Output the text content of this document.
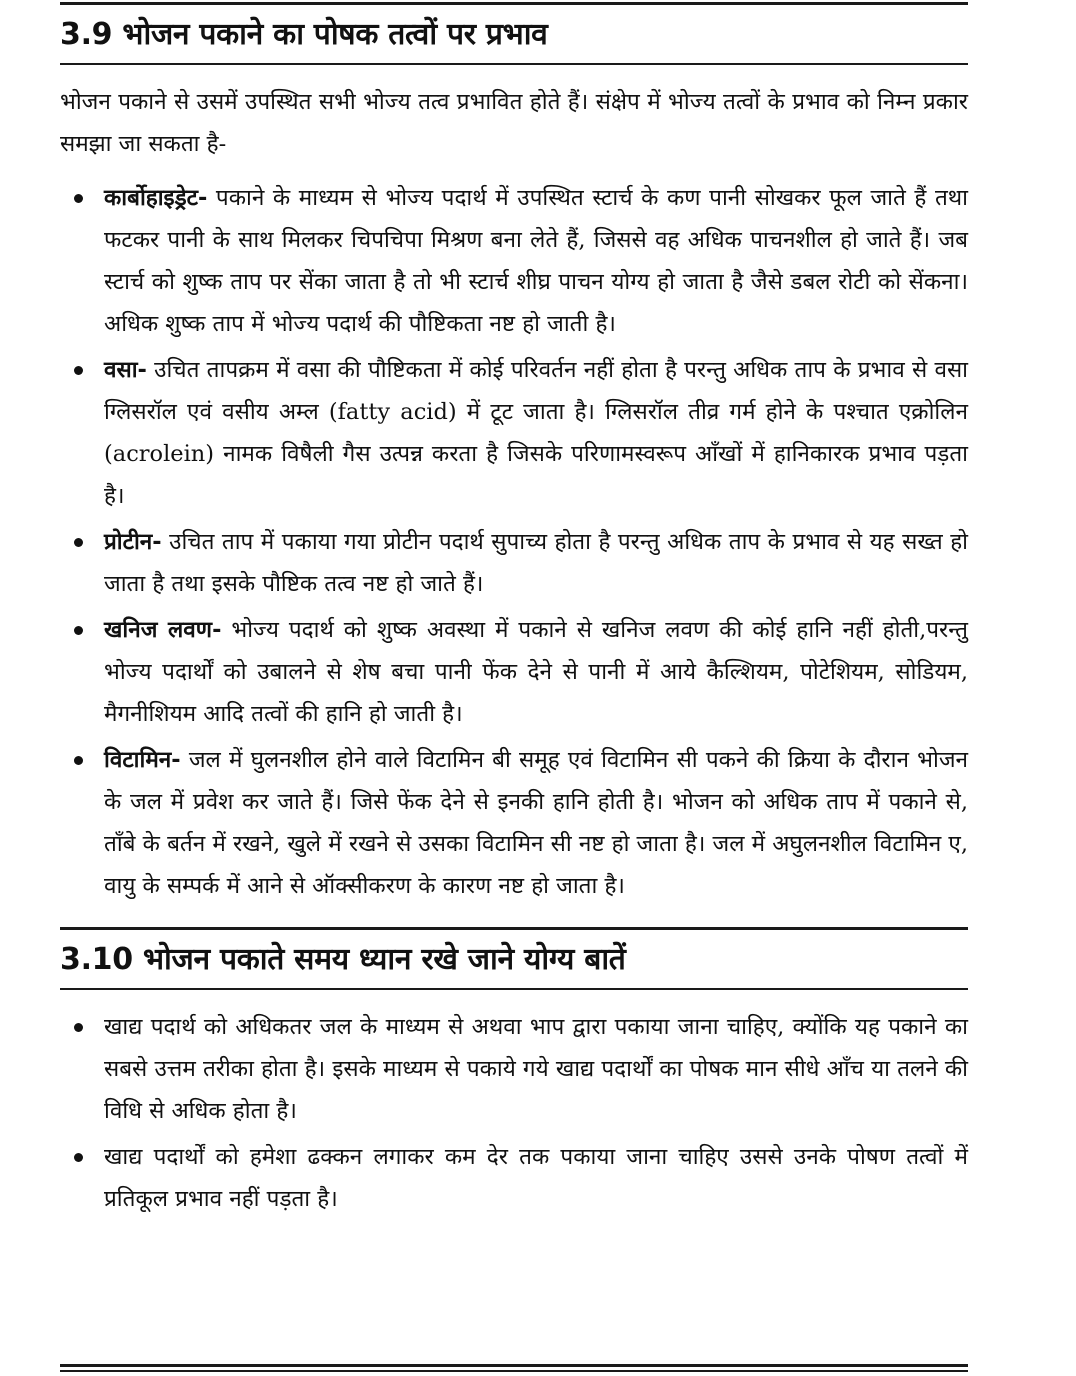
3.9 भोजन पकाने का पोषक तत्वों पर प्रभाव

भोजन पकाने से उसमें उपस्थित सभी भोज्य तत्व प्रभावित होते हैं। संक्षेप में भोज्य तत्वों के प्रभाव को निम्न प्रकार समझा जा सकता है-

कार्बोहाइड्रेट- पकाने के माध्यम से भोज्य पदार्थ में उपस्थित स्टार्च के कण पानी सोखकर फूल जाते हैं तथा फटकर पानी के साथ मिलकर चिपचिपा मिश्रण बना लेते हैं, जिससे वह अधिक पाचनशील हो जाते हैं। जब स्टार्च को शुष्क ताप पर सेंका जाता है तो भी स्टार्च शीघ्र पाचन योग्य हो जाता है जैसे डबल रोटी को सेंकना। अधिक शुष्क ताप में भोज्य पदार्थ की पौष्टिकता नष्ट हो जाती है।
वसा- उचित तापक्रम में वसा की पौष्टिकता में कोई परिवर्तन नहीं होता है परन्तु अधिक ताप के प्रभाव से वसा ग्लिसरॉल एवं वसीय अम्ल (fatty acid) में टूट जाता है। ग्लिसरॉल तीव्र गर्म होने के पश्चात एक्रोलिन (acrolein) नामक विषैली गैस उत्पन्न करता है जिसके परिणामस्वरूप आँखों में हानिकारक प्रभाव पड़ता है।
प्रोटीन- उचित ताप में पकाया गया प्रोटीन पदार्थ सुपाच्य होता है परन्तु अधिक ताप के प्रभाव से यह सख्त हो जाता है तथा इसके पौष्टिक तत्व नष्ट हो जाते हैं।
खनिज लवण- भोज्य पदार्थ को शुष्क अवस्था में पकाने से खनिज लवण की कोई हानि नहीं होती,परन्तु भोज्य पदार्थों को उबालने से शेष बचा पानी फेंक देने से पानी में आये कैल्शियम, पोटेशियम, सोडियम, मैगनीशियम आदि तत्वों की हानि हो जाती है।
विटामिन- जल में घुलनशील होने वाले विटामिन बी समूह एवं विटामिन सी पकने की क्रिया के दौरान भोजन के जल में प्रवेश कर जाते हैं। जिसे फेंक देने से इनकी हानि होती है। भोजन को अधिक ताप में पकाने से, ताँबे के बर्तन में रखने, खुले में रखने से उसका विटामिन सी नष्ट हो जाता है। जल में अघुलनशील विटामिन ए, वायु के सम्पर्क में आने से ऑक्सीकरण के कारण नष्ट हो जाता है।
3.10 भोजन पकाते समय ध्यान रखे जाने योग्य बातें
खाद्य पदार्थ को अधिकतर जल के माध्यम से अथवा भाप द्वारा पकाया जाना चाहिए, क्योंकि यह पकाने का सबसे उत्तम तरीका होता है। इसके माध्यम से पकाये गये खाद्य पदार्थों का पोषक मान सीधे आँच या तलने की विधि से अधिक होता है।
खाद्य पदार्थों को हमेशा ढक्कन लगाकर कम देर तक पकाया जाना चाहिए उससे उनके पोषण तत्वों में प्रतिकूल प्रभाव नहीं पड़ता है।
